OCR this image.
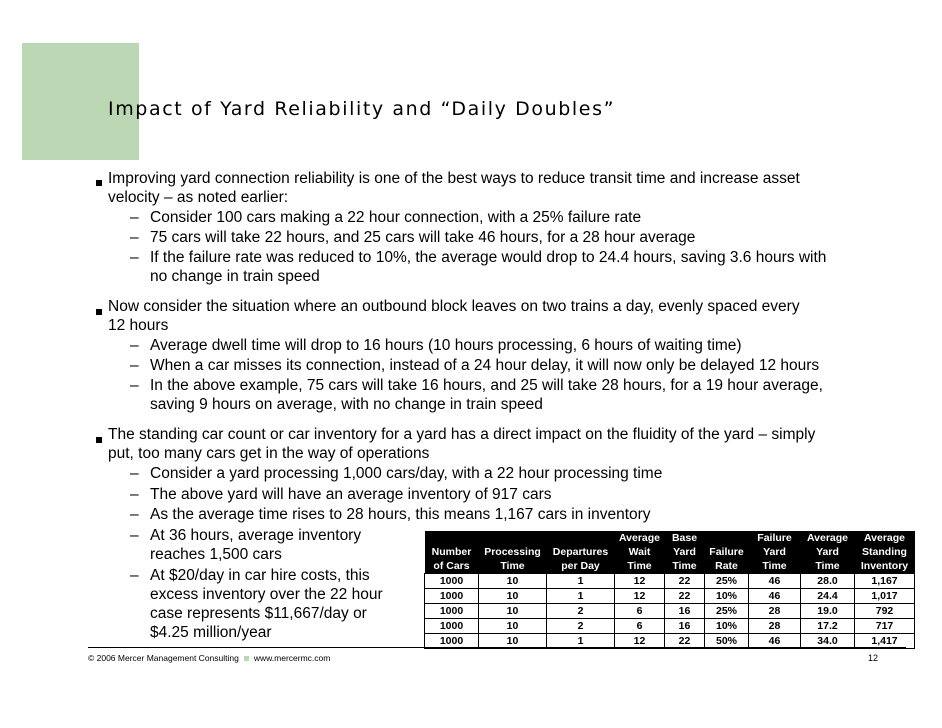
Impact of Yard Reliability and “Daily Doubles”
Improving yard connection reliability is one of the best ways to reduce transit time and increase asset
velocity – as noted earlier:
– Consider 100 cars making a 22 hour connection, with a 25% failure rate
– 75 cars will take 22 hours, and 25 cars will take 46 hours, for a 28 hour average
– If the failure rate was reduced to 10%, the average would drop to 24.4 hours, saving 3.6 hours with
no change in train speed
Now consider the situation where an outbound block leaves on two trains a day, evenly spaced every
12 hours
– Average dwell time will drop to 16 hours (10 hours processing, 6 hours of waiting time)
– When a car misses its connection, instead of a 24 hour delay, it will now only be delayed 12 hours
– In the above example, 75 cars will take 16 hours, and 25 will take 28 hours, for a 19 hour average,
saving 9 hours on average, with no change in train speed
The standing car count or car inventory for a yard has a direct impact on the fluidity of the yard – simply
put, too many cars get in the way of operations
– Consider a yard processing 1,000 cars/day, with a 22 hour processing time
– The above yard will have an average inventory of 917 cars
– As the average time rises to 28 hours, this means 1,167 cars in inventory
– At 36 hours, average inventory
reaches 1,500 cars
– At $20/day in car hire costs, this
excess inventory over the 22 hour
case represents $11,667/day or
$4.25 million/year
			Average	Base		Failure	Average	Average
Number	Processing	Departures	Wait	Yard	Failure	Yard	Yard	Standing
of Cars	Time	per Day	Time	Time	Rate	Time	Time	Inventory
1000	10	1	12	22	25%	46	28.0	1,167
1000	10	1	12	22	10%	46	24.4	1,017
1000	10	2	6	16	25%	28	19.0	792
1000	10	2	6	16	10%	28	17.2	717
1000	10	1	12	22	50%	46	34.0	1,417
© 2006 Mercer Management Consulting www.mercermc.com	12
